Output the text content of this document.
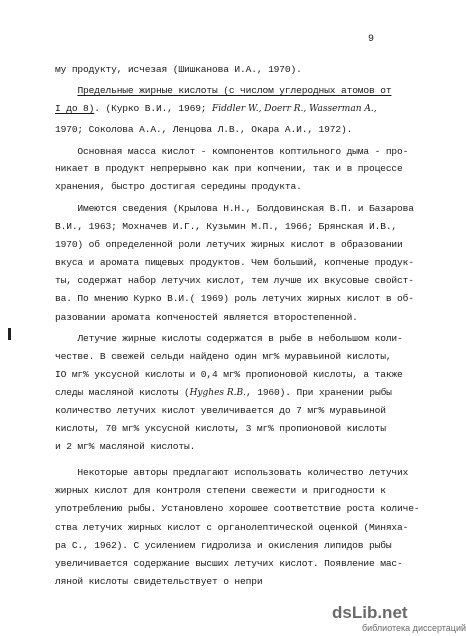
9
му продукту, исчезая (Шишканова И.А., 1970).
Предельные жирные кислоты (с числом углеродных атомов от
I до 8). (Курко В.И., 1969; Fiddler W., Doerr R., Wasserman A.,
1970; Соколова А.А., Ленцова Л.В., Окара А.И., 1972).
Основная масса кислот - компонентов коптильного дыма - про-
никает в продукт непрерывно как при копчении, так и в процессе
хранения, быстро достигая середины продукта.
Имеются сведения (Крылова Н.Н., Болдовинская В.П. и Базарова
В.И., 1963; Мохначев И.Г., Кузьмин М.П., 1966; Брянская И.В.,
1970) об определенной роли летучих жирных кислот в образовании
вкуса и аромата пищевых продуктов. Чем больший, копченые продук-
ты, содержат набор летучих кислот, тем лучше их вкусовые свойст-
ва. По мнению Курко В.И.( 1969) роль летучих жирных кислот в об-
разовании аромата копченостей является второстепенной.
Летучие жирные кислоты содержатся в рыбе в небольшом коли-
честве. В свежей сельди найдено один мг% муравьиной кислоты,
IO мг% уксусной кислоты и 0,4 мг% пропионовой кислоты, а также
следы масляной кислоты (Hyghes R.B., 1960). При хранении рыбы
количество летучих кислот увеличивается до 7 мг% муравьиной
кислоты, 70 мг% уксусной кислоты, 3 мг% пропионовой кислоты
и 2 мг% масляной кислоты.
Некоторые авторы предлагают использовать количество летучих
жирных кислот для контроля степени свежести и пригодности к
употреблению рыбы. Установлено хорошее соответствие роста количе-
ства летучих жирных кислот с органолептической оценкой (Миняха-
ра С., 1962). С усилением гидролиза и окисления липидов рыбы
увеличивается содержание высших летучих кислот. Появление мас-
ляной кислоты свидетельствует о непри
dsLib.net
библиотека диссертаций
